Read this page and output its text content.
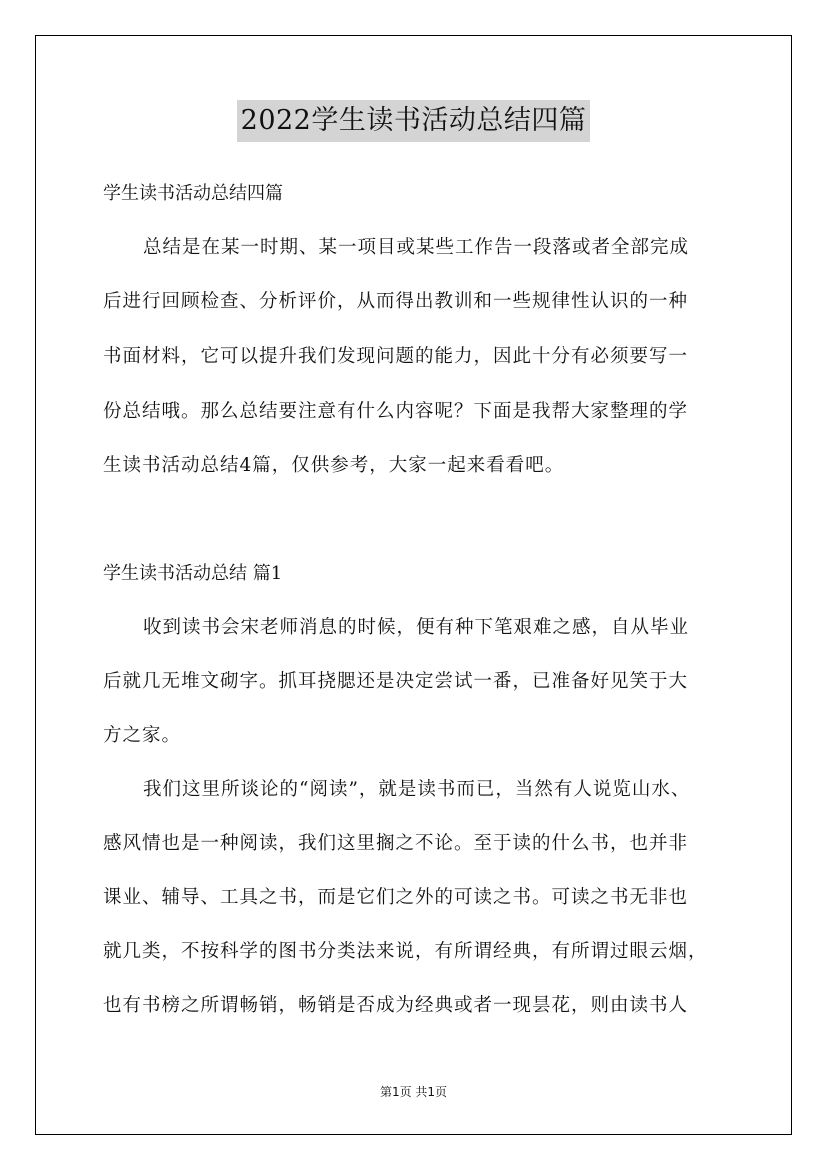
2022学生读书活动总结四篇
学生读书活动总结四篇
总结是在某一时期、某一项目或某些工作告一段落或者全部完成
后进行回顾检查、分析评价，从而得出教训和一些规律性认识的一种
书面材料，它可以提升我们发现问题的能力，因此十分有必须要写一
份总结哦。那么总结要注意有什么内容呢？下面是我帮大家整理的学
生读书活动总结4篇，仅供参考，大家一起来看看吧。
学生读书活动总结 篇1
收到读书会宋老师消息的时候，便有种下笔艰难之感，自从毕业
后就几无堆文砌字。抓耳挠腮还是决定尝试一番，已准备好见笑于大
方之家。
我们这里所谈论的“阅读”，就是读书而已，当然有人说览山水、
感风情也是一种阅读，我们这里搁之不论。至于读的什么书，也并非
课业、辅导、工具之书，而是它们之外的可读之书。可读之书无非也
就几类，不按科学的图书分类法来说，有所谓经典，有所谓过眼云烟，
也有书榜之所谓畅销，畅销是否成为经典或者一现昙花，则由读书人
第1页 共1页
